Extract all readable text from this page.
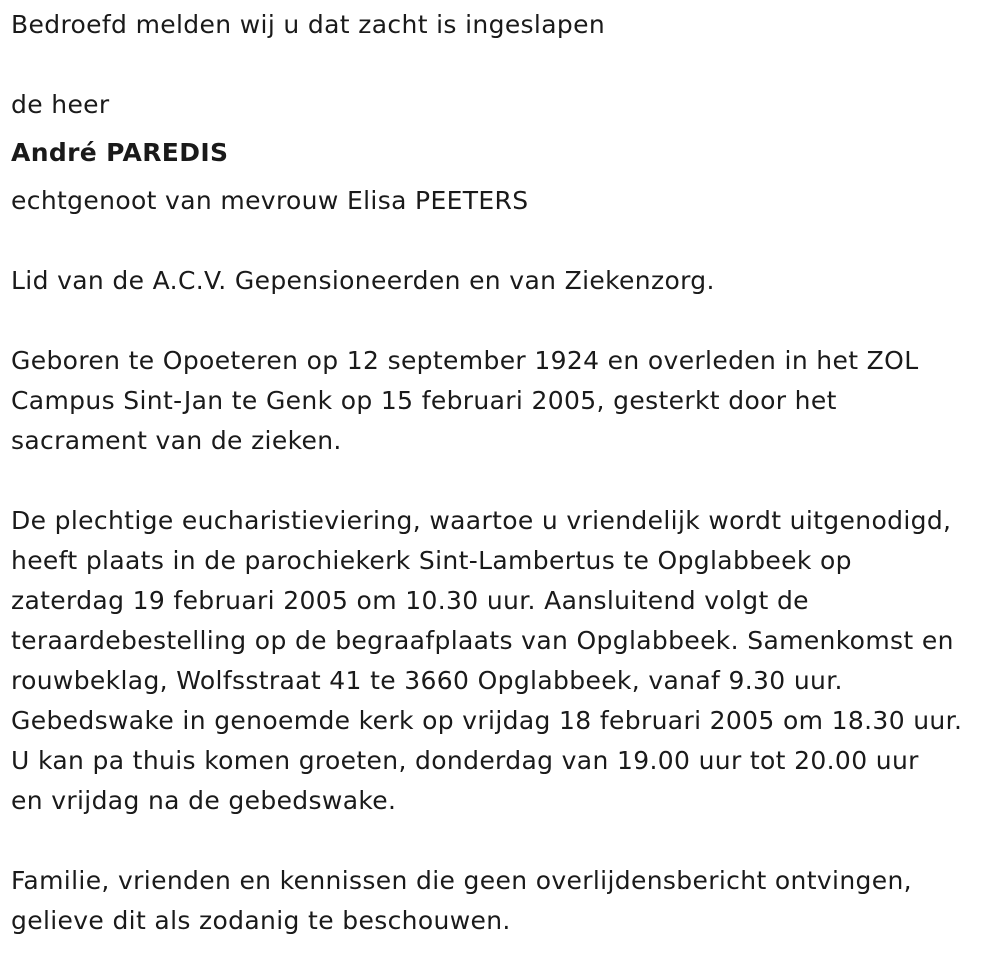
Bedroefd melden wij u dat zacht is ingeslapen
de heer
André PAREDIS
echtgenoot van mevrouw Elisa PEETERS
Lid van de A.C.V. Gepensioneerden en van Ziekenzorg.
Geboren te Opoeteren op 12 september 1924 en overleden in het ZOL
Campus Sint-Jan te Genk op 15 februari 2005, gesterkt door het
sacrament van de zieken.
De plechtige eucharistieviering, waartoe u vriendelijk wordt uitgenodigd,
heeft plaats in de parochiekerk Sint-Lambertus te Opglabbeek op
zaterdag 19 februari 2005 om 10.30 uur. Aansluitend volgt de
teraardebestelling op de begraafplaats van Opglabbeek. Samenkomst en
rouwbeklag, Wolfsstraat 41 te 3660 Opglabbeek, vanaf 9.30 uur.
Gebedswake in genoemde kerk op vrijdag 18 februari 2005 om 18.30 uur.
U kan pa thuis komen groeten, donderdag van 19.00 uur tot 20.00 uur
en vrijdag na de gebedswake.
Familie, vrienden en kennissen die geen overlijdensbericht ontvingen,
gelieve dit als zodanig te beschouwen.
